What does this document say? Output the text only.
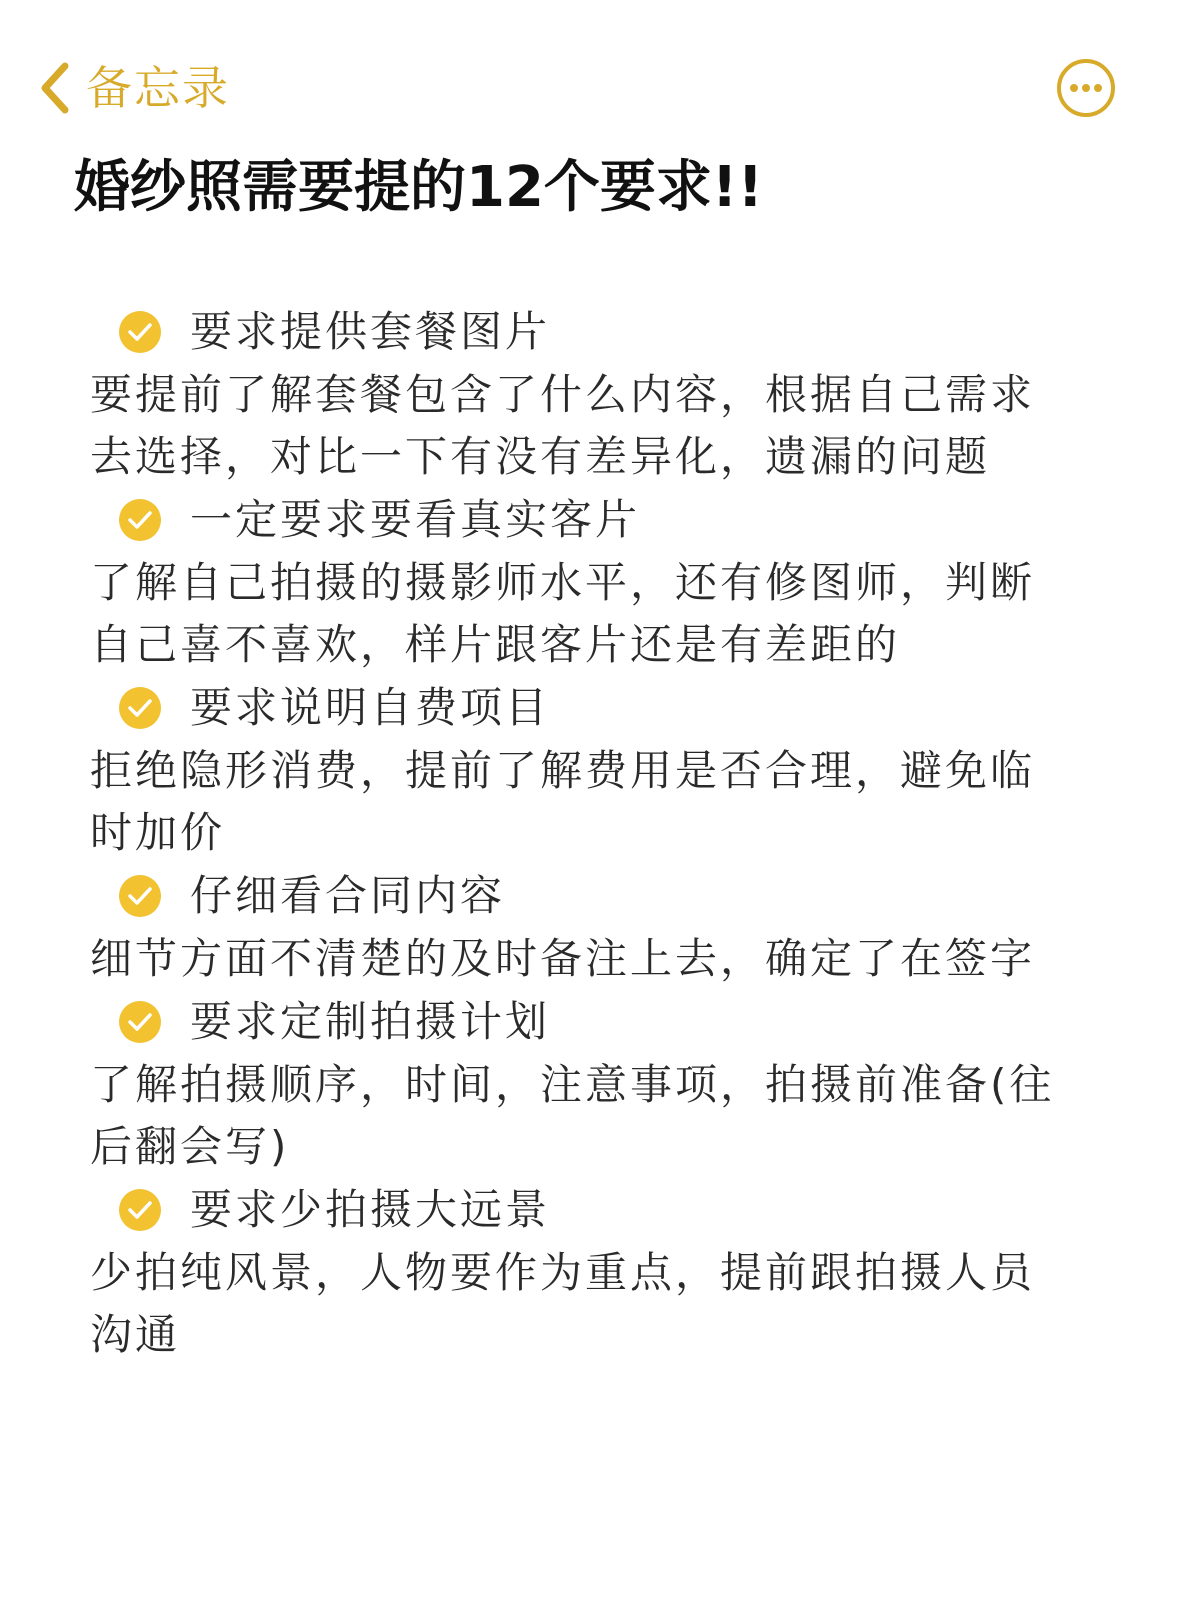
备忘录
婚纱照需要提的12个要求!!
要求提供套餐图片

要提前了解套餐包含了什么内容，根据自己需求去选择，对比一下有没有差异化，遗漏的问题

一定要求要看真实客片

了解自己拍摄的摄影师水平，还有修图师，判断自己喜不喜欢，样片跟客片还是有差距的

要求说明自费项目

拒绝隐形消费，提前了解费用是否合理，避免临时加价

仔细看合同内容

细节方面不清楚的及时备注上去，确定了在签字

要求定制拍摄计划

了解拍摄顺序，时间，注意事项，拍摄前准备(往后翻会写)

要求少拍摄大远景

少拍纯风景，人物要作为重点，提前跟拍摄人员沟通
